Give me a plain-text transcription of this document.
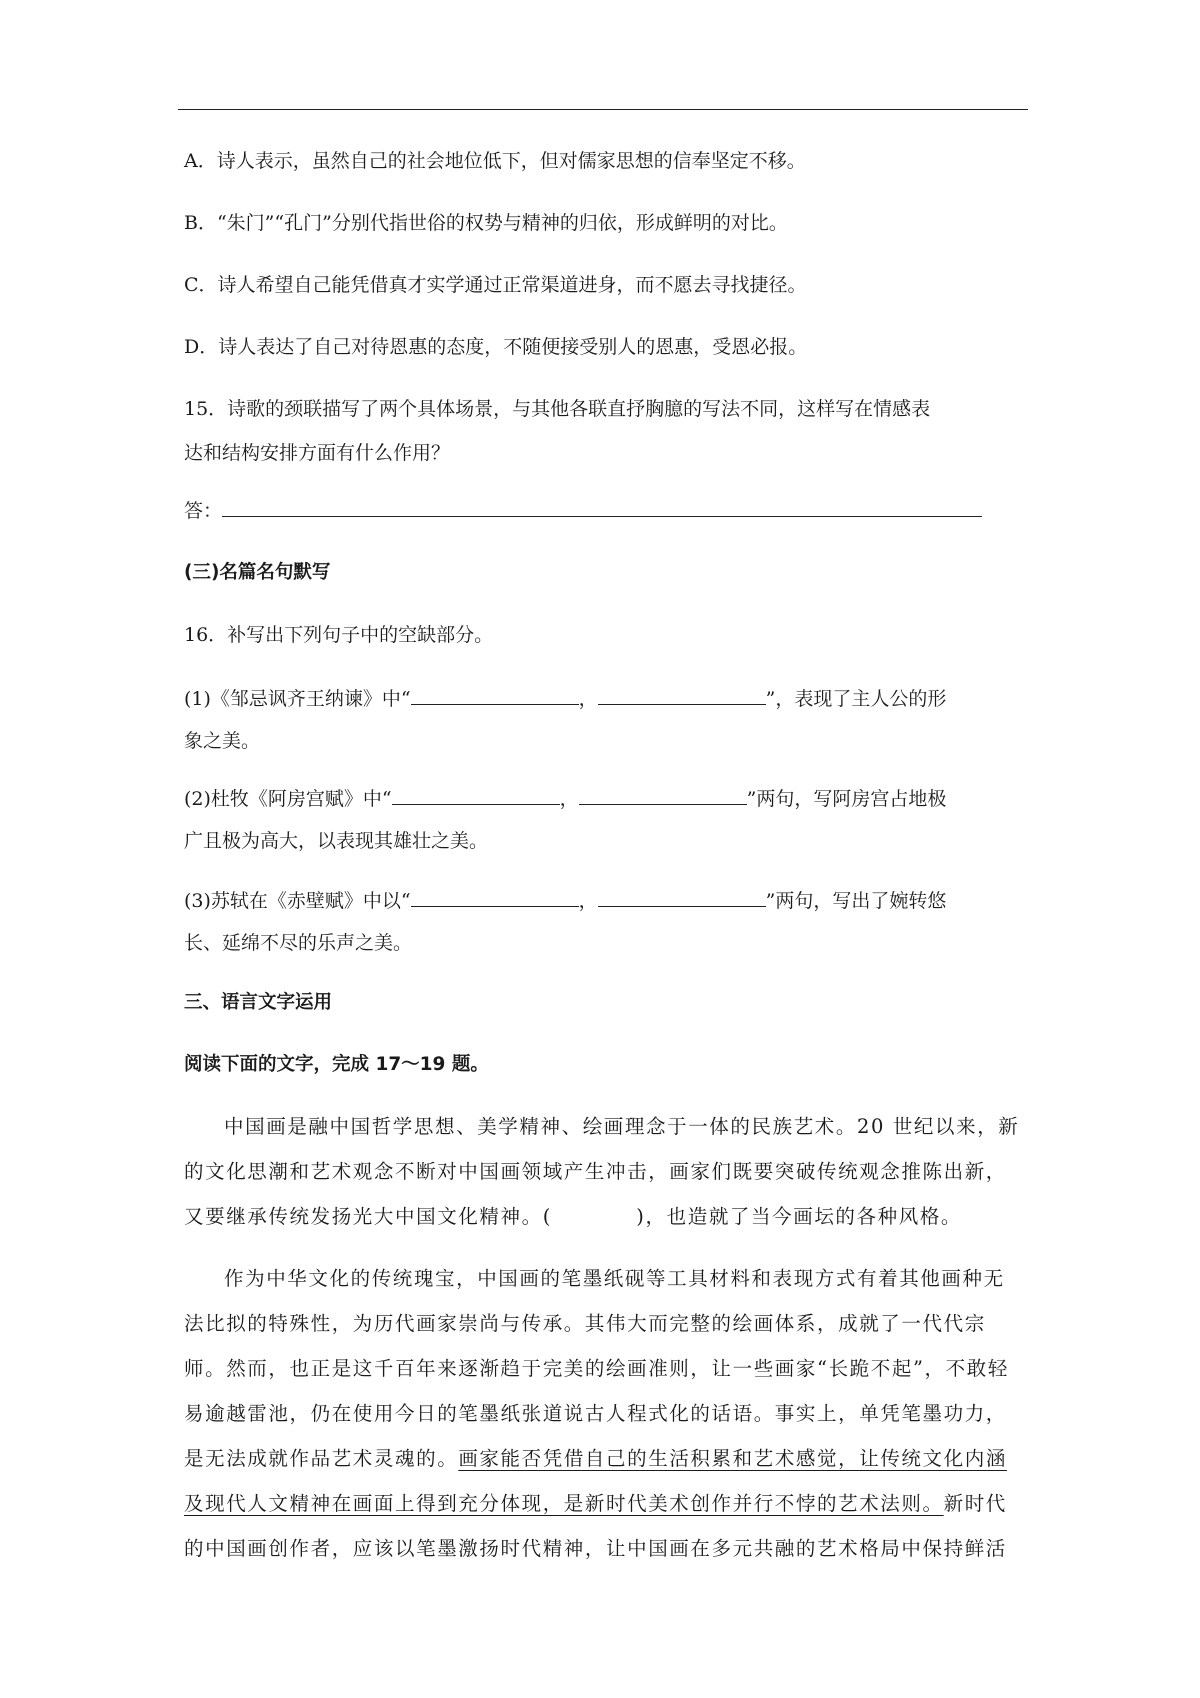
A．诗人表示，虽然自己的社会地位低下，但对儒家思想的信奉坚定不移。
B．“朱门”“孔门”分别代指世俗的权势与精神的归依，形成鲜明的对比。
C．诗人希望自己能凭借真才实学通过正常渠道进身，而不愿去寻找捷径。
D．诗人表达了自己对待恩惠的态度，不随便接受别人的恩惠，受恩必报。
15．诗歌的颈联描写了两个具体场景，与其他各联直抒胸臆的写法不同，这样写在情感表
达和结构安排方面有什么作用？
答：
(三)名篇名句默写
16．补写出下列句子中的空缺部分。
(1)《邹忌讽齐王纳谏》中“	，	”，表现了主人公的形
象之美。
(2)杜牧《阿房宫赋》中“	，	”两句，写阿房宫占地极
广且极为高大，以表现其雄壮之美。
(3)苏轼在《赤壁赋》中以“	，	”两句，写出了婉转悠
长、延绵不尽的乐声之美。
三、语言文字运用
阅读下面的文字，完成 17～19 题。
中国画是融中国哲学思想、美学精神、绘画理念于一体的民族艺术。20 世纪以来，新
的文化思潮和艺术观念不断对中国画领域产生冲击，画家们既要突破传统观念推陈出新，
又要继承传统发扬光大中国文化精神。(　　　　)，也造就了当今画坛的各种风格。
作为中华文化的传统瑰宝，中国画的笔墨纸砚等工具材料和表现方式有着其他画种无
法比拟的特殊性，为历代画家崇尚与传承。其伟大而完整的绘画体系，成就了一代代宗
师。然而，也正是这千百年来逐渐趋于完美的绘画准则，让一些画家“长跪不起”，不敢轻
易逾越雷池，仍在使用今日的笔墨纸张道说古人程式化的话语。事实上，单凭笔墨功力，
是无法成就作品艺术灵魂的。画家能否凭借自己的生活积累和艺术感觉，让传统文化内涵
及现代人文精神在画面上得到充分体现，是新时代美术创作并行不悖的艺术法则。新时代
的中国画创作者，应该以笔墨激扬时代精神，让中国画在多元共融的艺术格局中保持鲜活
